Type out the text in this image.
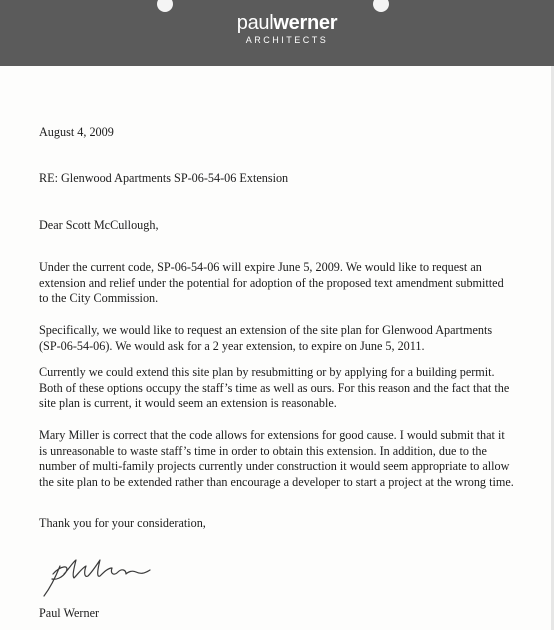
paulwerner
ARCHITECTS
August 4, 2009
RE: Glenwood Apartments SP-06-54-06 Extension
Dear Scott McCullough,
Under the current code, SP-06-54-06 will expire June 5, 2009. We would like to request an
extension and relief under the potential for adoption of the proposed text amendment submitted
to the City Commission.
Specifically, we would like to request an extension of the site plan for Glenwood Apartments
(SP-06-54-06). We would ask for a 2 year extension, to expire on June 5, 2011.
Currently we could extend this site plan by resubmitting or by applying for a building permit.
Both of these options occupy the staff’s time as well as ours. For this reason and the fact that the
site plan is current, it would seem an extension is reasonable.
Mary Miller is correct that the code allows for extensions for good cause. I would submit that it
is unreasonable to waste staff’s time in order to obtain this extension. In addition, due to the
number of multi-family projects currently under construction it would seem appropriate to allow
the site plan to be extended rather than encourage a developer to start a project at the wrong time.
Thank you for your consideration,
Paul Werner
